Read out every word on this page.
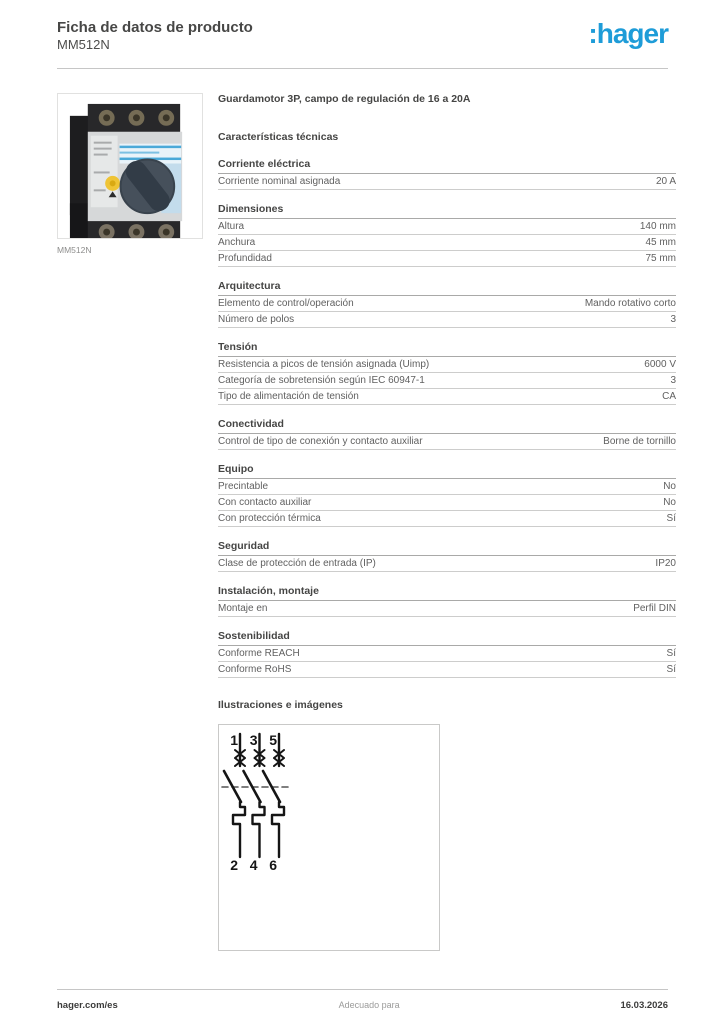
Ficha de datos de producto
MM512N	:hager
MM512N
Guardamotor 3P, campo de regulación de 16 a 20A
Características técnicas
Corriente eléctrica
Corriente nominal asignada	20 A
Dimensiones
Altura	140 mm
Anchura	45 mm
Profundidad	75 mm
Arquitectura
Elemento de control/operación	Mando rotativo corto
Número de polos	3
Tensión
Resistencia a picos de tensión asignada (Uimp)	6000 V
Categoría de sobretensión según IEC 60947-1	3
Tipo de alimentación de tensión	CA
Conectividad
Control de tipo de conexión y contacto auxiliar	Borne de tornillo
Equipo
Precintable	No
Con contacto auxiliar	No
Con protección térmica	Sí
Seguridad
Clase de protección de entrada (IP)	IP20
Instalación, montaje
Montaje en	Perfil DIN
Sostenibilidad
Conforme REACH	Sí
Conforme RoHS	Sí
Ilustraciones e imágenes
1 3 5
2 4 6
hager.com/es	Adecuado para	16.03.2026
